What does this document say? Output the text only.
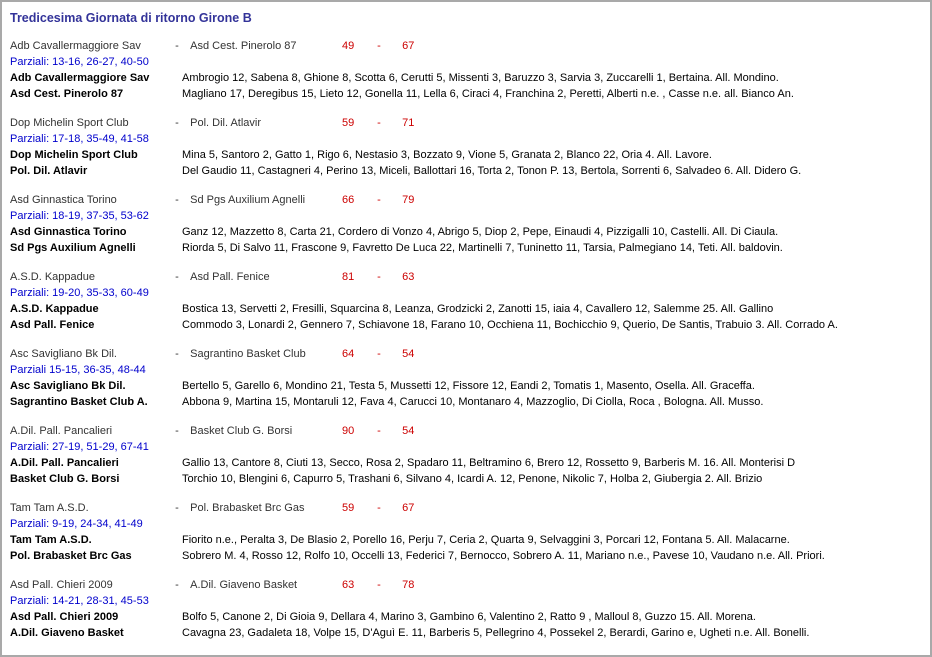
Tredicesima Giornata di ritorno Girone B
Adb Cavallermaggiore Sav	- Asd Cest. Pinerolo 87	49 - 67
Parziali: 13-16, 26-27, 40-50
Adb Cavallermaggiore Sav	Ambrogio 12, Sabena 8, Ghione 8, Scotta 6, Cerutti 5, Missenti 3, Baruzzo 3, Sarvia 3, Zuccarelli 1, Bertaina. All. Mondino.
Asd Cest. Pinerolo 87	Magliano 17, Deregibus 15, Lieto 12, Gonella 11, Lella 6, Ciraci 4, Franchina 2, Peretti, Alberti n.e. , Casse n.e. all. Bianco An.
Dop Michelin Sport Club	- Pol. Dil. Atlavir	59 - 71
Parziali: 17-18, 35-49, 41-58
Dop Michelin Sport Club	Mina 5, Santoro 2, Gatto 1, Rigo 6, Nestasio 3, Bozzato 9, Vione 5, Granata 2, Blanco 22, Oria 4. All. Lavore.
Pol. Dil. Atlavir	Del Gaudio 11, Castagneri 4, Perino 13, Miceli, Ballottari 16, Torta 2, Tonon P. 13, Bertola, Sorrenti 6, Salvadeo 6. All. Didero G.
Asd Ginnastica Torino	- Sd Pgs Auxilium Agnelli	66 - 79
Parziali: 18-19, 37-35, 53-62
Asd Ginnastica Torino	Ganz 12, Mazzetto 8, Carta 21, Cordero di Vonzo 4, Abrigo 5, Diop 2, Pepe, Einaudi 4, Pizzigalli 10, Castelli. All. Di Ciaula.
Sd Pgs Auxilium Agnelli	Riorda 5, Di Salvo 11, Frascone 9, Favretto De Luca 22, Martinelli 7, Tuninetto 11, Tarsia, Palmegiano 14, Teti. All. baldovin.
A.S.D. Kappadue	- Asd Pall. Fenice	81 - 63
Parziali: 19-20, 35-33, 60-49
A.S.D. Kappadue	Bostica 13, Servetti 2, Fresilli, Squarcina 8, Leanza, Grodzicki 2, Zanotti 15, iaia 4, Cavallero 12, Salemme 25. All. Gallino
Asd Pall. Fenice	Commodo 3, Lonardi 2, Gennero 7, Schiavone 18, Farano 10, Occhiena 11, Bochicchio 9, Querio, De Santis, Trabuio 3. All. Corrado A.
Asc Savigliano Bk Dil.	- Sagrantino Basket Club	64 - 54
Parziali 15-15, 36-35, 48-44
Asc Savigliano Bk Dil.	Bertello 5, Garello 6, Mondino 21, Testa 5, Mussetti 12, Fissore 12, Eandi 2, Tomatis 1, Masento, Osella. All. Graceffa.
Sagrantino Basket Club A.	Abbona 9, Martina 15, Montaruli 12, Fava 4, Carucci 10, Montanaro 4, Mazzoglio, Di Ciolla, Roca , Bologna. All. Musso.
A.Dil. Pall. Pancalieri	- Basket Club G. Borsi	90 - 54
Parziali: 27-19, 51-29, 67-41
A.Dil. Pall. Pancalieri	Gallio 13, Cantore 8, Ciuti 13, Secco, Rosa 2, Spadaro 11, Beltramino 6, Brero 12, Rossetto 9, Barberis M. 16. All. Monterisi D
Basket Club G. Borsi	Torchio 10, Blengini 6, Capurro 5, Trashani 6, Silvano 4, Icardi A. 12, Penone, Nikolic 7, Holba 2, Giubergia 2. All. Brizio
Tam Tam A.S.D.	- Pol. Brabasket Brc Gas	59 - 67
Parziali: 9-19, 24-34, 41-49
Tam Tam A.S.D.	Fiorito n.e., Peralta 3, De Blasio 2, Porello 16, Perju 7, Ceria 2, Quarta 9, Selvaggini 3, Porcari 12, Fontana 5. All. Malacarne.
Pol. Brabasket Brc Gas	Sobrero M. 4, Rosso 12, Rolfo 10, Occelli 13, Federici 7, Bernocco, Sobrero A. 11, Mariano n.e., Pavese 10, Vaudano n.e. All. Priori.
Asd Pall. Chieri 2009	- A.Dil. Giaveno Basket	63 - 78
Parziali: 14-21, 28-31, 45-53
Asd Pall. Chieri 2009	Bolfo 5, Canone 2, Di Gioia 9, Dellara 4, Marino 3, Gambino 6, Valentino 2, Ratto 9 , Malloul 8, Guzzo 15. All. Morena.
A.Dil. Giaveno Basket	Cavagna 23, Gadaleta 18, Volpe 15, D'Aguì E. 11, Barberis 5, Pellegrino 4, Possekel 2, Berardi, Garino e, Ugheti n.e. All. Bonelli.
